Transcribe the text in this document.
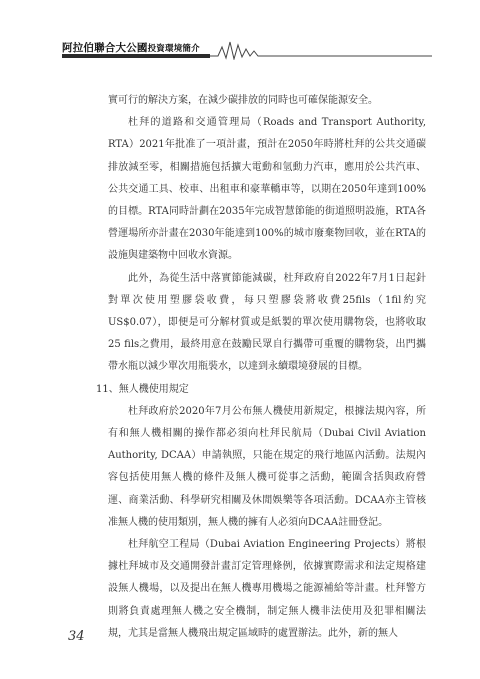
阿拉伯聯合大公國投資環境簡介

實可行的解決方案，在減少碳排放的同時也可確保能源安全。

杜拜的道路和交通管理局（Roads and Transport Authority, RTA）2021年批准了一項計畫，預計在2050年時將杜拜的公共交通碳排放減至零，相關措施包括擴大電動和氫動力汽車，應用於公共汽車、公共交通工具、校車、出租車和豪華轎車等，以期在2050年達到100%的目標。RTA同時計劃在2035年完成智慧節能的街道照明設施，RTA各營運場所亦計畫在2030年能達到100%的城市廢棄物回收，並在RTA的設施與建築物中回收水資源。

此外，為從生活中落實節能減碳，杜拜政府自2022年7月1日起針對單次使用塑膠袋收費，每只塑膠袋將收費25fils（1fil約究US$0.07），即便是可分解材質或是紙製的單次使用購物袋，也將收取25 fils之費用，最終用意在鼓勵民眾自行攜帶可重覆的購物袋，出門攜帶水瓶以減少單次用瓶裝水，以達到永續環境發展的目標。

11、無人機使用規定

杜拜政府於2020年7月公布無人機使用新規定，根據法規內容，所有和無人機相關的操作都必須向杜拜民航局（Dubai Civil Aviation Authority, DCAA）申請執照，只能在規定的飛行地區內活動。法規內容包括使用無人機的條件及無人機可從事之活動，範圍含括與政府營運、商業活動、科學研究相關及休閒娛樂等各項活動。DCAA亦主管核准無人機的使用類別，無人機的擁有人必須向DCAA註冊登記。

杜拜航空工程局（Dubai Aviation Engineering Projects）將根據杜拜城市及交通開發計畫訂定管理條例，依據實際需求和法定規格建設無人機場，以及提出在無人機專用機場之能源補給等計畫。杜拜警方則將負責處理無人機之安全機制，制定無人機非法使用及犯罪相關法規，尤其是當無人機飛出規定區域時的處置辦法。此外，新的無人

34
